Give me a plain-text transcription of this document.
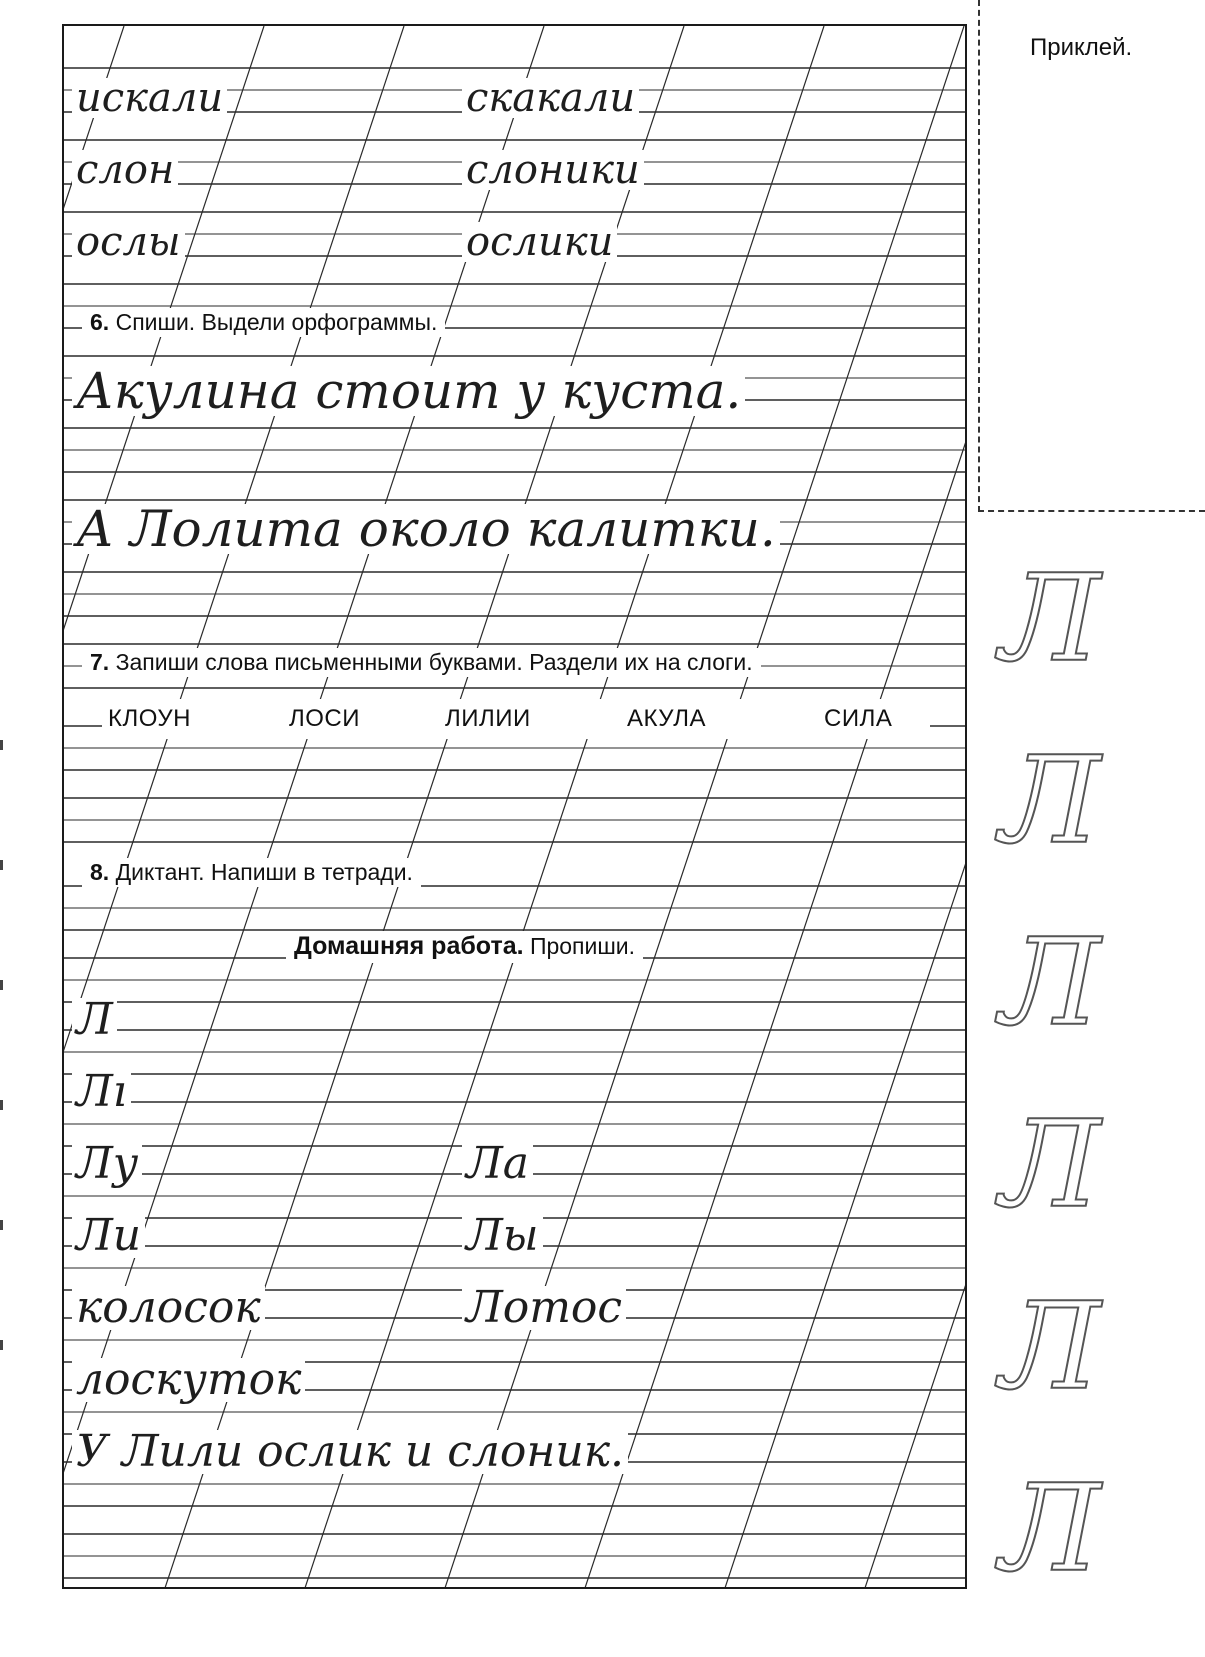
Приклей.
Л
Л
Л
Л
Л
Л
искали	скакали
слон	слоники
ослы	ослики
6. Спиши. Выдели орфограммы.
Акулина стоит у куста.
А Лолита около калитки.
7. Запиши слова письменными буквами. Раздели их на слоги.
КЛОУН	ЛОСИ	ЛИЛИИ	АКУЛА	СИЛА
8. Диктант. Напиши в тетради.
Домашняя работа. Пропиши.
Л
Лı
Лу	Ла
Ли	Лы
колосок	Лотос
лоскуток
У Лили ослик и слоник.
